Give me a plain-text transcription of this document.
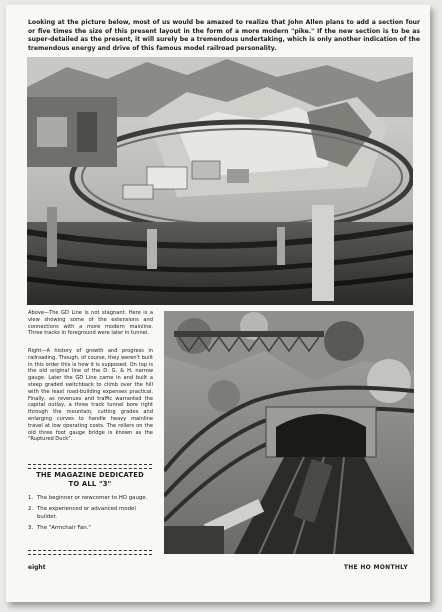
Looking at the picture below, most of us would be amazed to realize that John Allen plans to add a section four or five times the size of this present layout in the form of a more modern "pike." If the new section is to be as super-detailed as the present, it will surely be a tremendous undertaking, which is only another indication of the tremendous energy and drive of this famous model railroad personality.
Above—The GD Line is not stagnant. Here is a view showing some of the extensions and connections with a more modern mainline. Three tracks in foreground were later in tunnel.
Right—A history of growth and progress in railroading. Though, of course, they weren't built in this order this is how it is supposed. On top is the old original line of the D. G. & H. narrow gauge. Later the GD Line came in and built a steep graded switchback to climb over the hill with the least road-building expenses practical. Finally, as revenues and traffic warranted the capital outlay, a three track tunnel bore right through the mountain, cutting grades and enlarging curves to handle heavy mainline travel at low operating costs. The rollers on the old three foot gauge bridge is known as the "Ruptured Duck".
THE MAGAZINE DEDICATED
TO ALL "3"
1. The beginner or newcomer to HO gauge.
2. The experienced or advanced model builder.
3. The "Armchair Fan."
eight	THE HO MONTHLY
